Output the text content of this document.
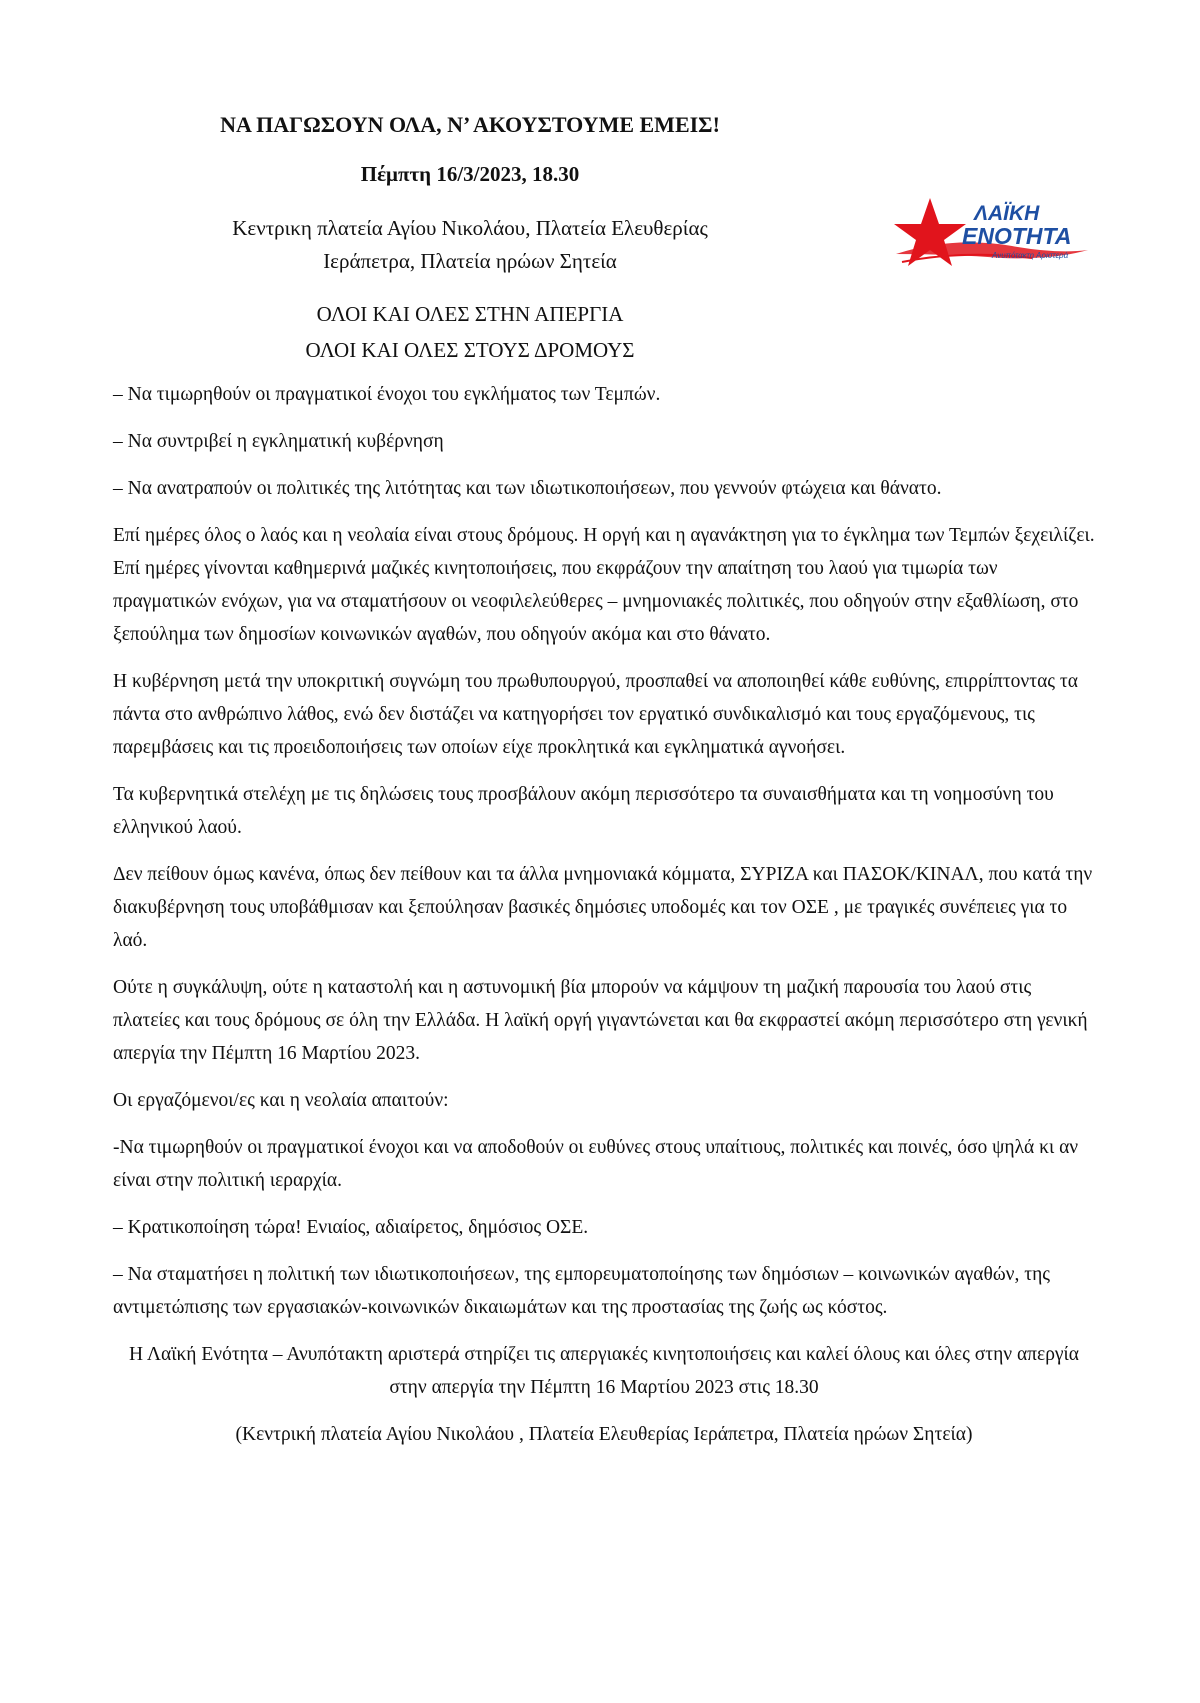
ΝΑ ΠΑΓΩΣΟΥΝ ΟΛΑ, Ν’ ΑΚΟΥΣΤΟΥΜΕ ΕΜΕΙΣ!
Πέμπτη 16/3/2023, 18.30
Κεντρικη πλατεία Αγίου Νικολάου, Πλατεία Ελευθερίας
Ιεράπετρα, Πλατεία ηρώων Σητεία
ΟΛΟΙ ΚΑΙ ΟΛΕΣ ΣΤΗΝ ΑΠΕΡΓΙΑ
ΟΛΟΙ ΚΑΙ ΟΛΕΣ ΣΤΟΥΣ ΔΡΟΜΟΥΣ
ΛΑΪΚΗ
ΕΝΟΤΗΤΑ
Ανυπότακτη Αριστερά

– Να τιμωρηθούν οι πραγματικοί ένοχοι του εγκλήματος των Τεμπών.

– Να συντριβεί η εγκληματική κυβέρνηση

– Να ανατραπούν οι πολιτικές της λιτότητας και των ιδιωτικοποιήσεων, που γεννούν φτώχεια και θάνατο.

Επί ημέρες όλος ο λαός και η νεολαία είναι στους δρόμους. Η οργή και η αγανάκτηση για το έγκλημα των Τεμπών ξεχειλίζει. Επί ημέρες γίνονται καθημερινά μαζικές κινητοποιήσεις, που εκφράζουν την απαίτηση του λαού για τιμωρία των πραγματικών ενόχων, για να σταματήσουν οι νεοφιλελεύθερες – μνημονιακές πολιτικές, που οδηγούν στην εξαθλίωση, στο ξεπούλημα των δημοσίων κοινωνικών αγαθών, που οδηγούν ακόμα και στο θάνατο.

Η κυβέρνηση μετά την υποκριτική συγνώμη του πρωθυπουργού, προσπαθεί να αποποιηθεί κάθε ευθύνης, επιρρίπτοντας τα πάντα στο ανθρώπινο λάθος, ενώ δεν διστάζει να κατηγορήσει τον εργατικό συνδικαλισμό και τους εργαζόμενους, τις παρεμβάσεις και τις προειδοποιήσεις των οποίων είχε προκλητικά και εγκληματικά αγνοήσει.

Τα κυβερνητικά στελέχη με τις δηλώσεις τους προσβάλουν ακόμη περισσότερο τα συναισθήματα και τη νοημοσύνη του ελληνικού λαού.

Δεν πείθουν όμως κανένα, όπως δεν πείθουν και τα άλλα μνημονιακά κόμματα, ΣΥΡΙΖΑ και ΠΑΣΟΚ/ΚΙΝΑΛ, που κατά την διακυβέρνηση τους υποβάθμισαν και ξεπούλησαν βασικές δημόσιες υποδομές και τον ΟΣΕ , με τραγικές συνέπειες για το λαό.

Ούτε η συγκάλυψη, ούτε η καταστολή και η αστυνομική βία μπορούν να κάμψουν τη μαζική παρουσία του λαού στις πλατείες και τους δρόμους σε όλη την Ελλάδα. Η λαϊκή οργή γιγαντώνεται και θα εκφραστεί ακόμη περισσότερο στη γενική απεργία την Πέμπτη 16 Μαρτίου 2023.

Οι εργαζόμενοι/ες και η νεολαία απαιτούν:

-Να τιμωρηθούν οι πραγματικοί ένοχοι και να αποδοθούν οι ευθύνες στους υπαίτιους, πολιτικές και ποινές, όσο ψηλά κι αν είναι στην πολιτική ιεραρχία.

– Κρατικοποίηση τώρα! Ενιαίος, αδιαίρετος, δημόσιος ΟΣΕ.

– Να σταματήσει η πολιτική των ιδιωτικοποιήσεων, της εμπορευματοποίησης των δημόσιων – κοινωνικών αγαθών, της αντιμετώπισης των εργασιακών-κοινωνικών δικαιωμάτων και της προστασίας της ζωής ως κόστος.

Η Λαϊκή Ενότητα – Ανυπότακτη αριστερά στηρίζει τις απεργιακές κινητοποιήσεις και καλεί όλους και όλες στην απεργία στην απεργία την Πέμπτη 16 Μαρτίου 2023 στις 18.30

(Κεντρική πλατεία Αγίου Νικολάου , Πλατεία Ελευθερίας Ιεράπετρα, Πλατεία ηρώων Σητεία)
